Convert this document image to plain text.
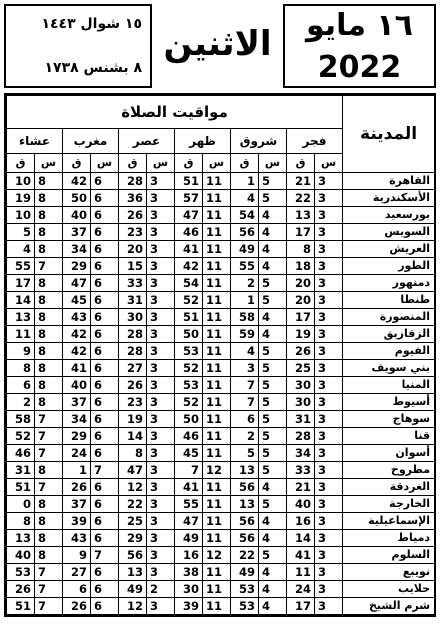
١٥ شوال ١٤٤٣
٨ بشنس ١٧٣٨
الاثنين	١٦ مايو
2022
مواقيت الصلاة												المدينة
عشاء		مغرب		عصر		ظهر		شروق		فجر		
ق	س	ق	س	ق	س	ق	س	ق	س	ق	س	
10	8	42	6	28	3	51	11	1	5	21	3	القاهرة
19	8	50	6	36	3	57	11	4	5	22	3	الأسكندرية
10	8	40	6	26	3	47	11	54	4	13	3	بورسعيد
5	8	37	6	23	3	46	11	56	4	17	3	السويس
4	8	34	6	20	3	41	11	49	4	8	3	العريش
55	7	29	6	15	3	42	11	55	4	18	3	الطور
17	8	47	6	33	3	54	11	2	5	20	3	دمنهور
14	8	45	6	31	3	52	11	1	5	20	3	طنطا
13	8	43	6	30	3	51	11	58	4	17	3	المنصورة
11	8	42	6	28	3	50	11	59	4	19	3	الزقازيق
9	8	42	6	28	3	53	11	4	5	26	3	الفيوم
8	8	41	6	27	3	52	11	3	5	25	3	بني سويف
6	8	40	6	26	3	53	11	7	5	30	3	المنيا
2	8	37	6	23	3	52	11	7	5	30	3	أسيوط
58	7	34	6	19	3	50	11	6	5	31	3	سوهاج
52	7	29	6	14	3	46	11	2	5	28	3	قنا
46	7	24	6	8	3	45	11	5	5	34	3	أسوان
31	8	1	7	47	3	7	12	13	5	33	3	مطروح
51	7	26	6	12	3	41	11	56	4	21	3	الغردقة
0	8	37	6	22	3	55	11	13	5	40	3	الخارجة
8	8	39	6	25	3	47	11	56	4	16	3	الإسماعيلية
13	8	43	6	29	3	49	11	56	4	14	3	دمياط
40	8	9	7	56	3	16	12	22	5	41	3	السلوم
53	7	27	6	13	3	38	11	49	4	11	3	نويبع
26	7	6	6	49	2	30	11	53	4	24	3	حلايب
51	7	26	6	12	3	39	11	53	4	17	3	شرم الشيخ
